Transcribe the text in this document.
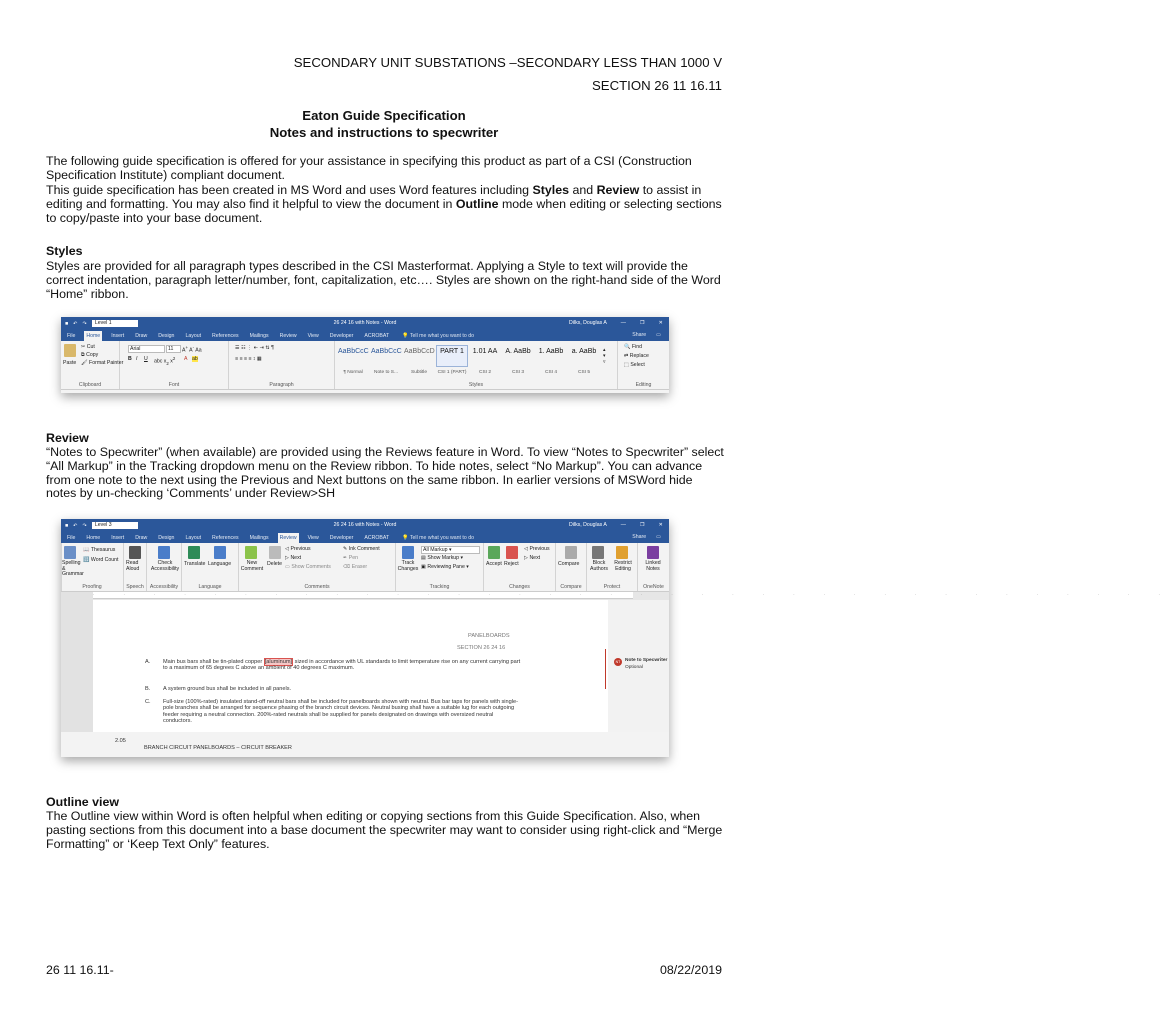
SECONDARY UNIT SUBSTATIONS –SECONDARY LESS THAN 1000 V
SECTION 26 11 16.11
Eaton Guide Specification
Notes and instructions to specwriter
The following guide specification is offered for your assistance in specifying this product as part of a CSI (Construction Specification Institute) compliant document.
This guide specification has been created in MS Word and uses Word features including Styles and Review to assist in editing and formatting. You may also find it helpful to view the document in Outline mode when editing or selecting sections to copy/paste into your base document.
Styles
Styles are provided for all paragraph types described in the CSI Masterformat. Applying a Style to text will provide the correct indentation, paragraph letter/number, font, capitalization, etc…. Styles are shown on the right-hand side of the Word “Home” ribbon.
■ ↶ ↷	Level 1	26 24 16 with Notes - Word	Dilks, Douglas A	—	❐	✕
File	Home	Insert	Draw	Design	Layout	References	Mailings	Review	View	Developer	ACROBAT	💡 Tell me what you want to do	Share ▭
Paste
✂ Cut
⧉ Copy
🖌 Format Painter
Clipboard
Arial	11	A+ A- Aa
B I U abc $x_2$ $x^2$ A ab
Font
☰ ☷ ⋮ ⇤ ⇥ ⇅ ¶
≡ ≡ ≡ ≡ ↕ ▦
Paragraph
AaBbCcC
¶ Normal
AaBbCcC
Note to S...
AaBbCcD
Subtitle
PART 1
CSI 1 (PART)
1.01 AA
CSI 2
A. AaBb
CSI 3
1. AaBb
CSI 4
a. AaBb
CSI 5
▴
▾
▿
Styles
🔍 Find
⇄ Replace
⬚ Select
Editing
Review
“Notes to Specwriter” (when available) are provided using the Reviews feature in Word. To view “Notes to Specwriter” select “All Markup” in the Tracking dropdown menu on the Review ribbon. To hide notes, select “No Markup”. You can advance from one note to the next using the Previous and Next buttons on the same ribbon. In earlier versions of MSWord hide notes by un-checking ‘Comments’ under Review>SH
■ ↶ ↷	Level 3	26 24 16 with Notes - Word	Dilks, Douglas A	—	❐	✕
File	Home	Insert	Draw	Design	Layout	References	Mailings	Review	View	Developer	ACROBAT	💡 Tell me what you want to do	Share ▭
Spelling & Grammar
📖 Thesaurus
🔢 Word Count
Proofing
Read Aloud
Speech
Check Accessibility
Accessibility
Translate Language
Language
New Comment
Delete
◁ Previous
▷ Next
▭ Show Comments
✎ Ink Comment
✒ Pen
⌫ Eraser
Comments
Track Changes
All Markup ▾
▤ Show Markup ▾
▣ Reviewing Pane ▾
Tracking
Accept Reject
◁ Previous
▷ Next
Changes
Compare
Compare
Block Authors
Restrict Editing
Protect
Linked Notes
OneNote
· · · · · · · · · · · · · · · · · · · · · · · · · · · · · · · · · · · ·
PANELBOARDS
SECTION 26 24 16
A. Main bus bars shall be tin-plated copper [aluminum] sized in accordance with UL standards to limit temperature rise on any current carrying part to a maximum of 65 degrees C above an ambient of 40 degrees C maximum.
B. A system ground bus shall be included in all panels.
C. Full-size (100%-rated) insulated stand-off neutral bars shall be included for panelboards shown with neutral. Bus bar taps for panels with single-pole branches shall be arranged for sequence phasing of the branch circuit devices. Neutral busing shall have a suitable lug for each outgoing feeder requiring a neutral connection. 200%-rated neutrals shall be supplied for panels designated on drawings with oversized neutral conductors.
2.05
NT Note to Specwriter
Optional
BRANCH CIRCUIT PANELBOARDS – CIRCUIT BREAKER
Outline view
The Outline view within Word is often helpful when editing or copying sections from this Guide Specification. Also, when pasting sections from this document into a base document the specwriter may want to consider using right-click and “Merge Formatting” or ‘Keep Text Only” features.
26 11 16.11-	08/22/2019
